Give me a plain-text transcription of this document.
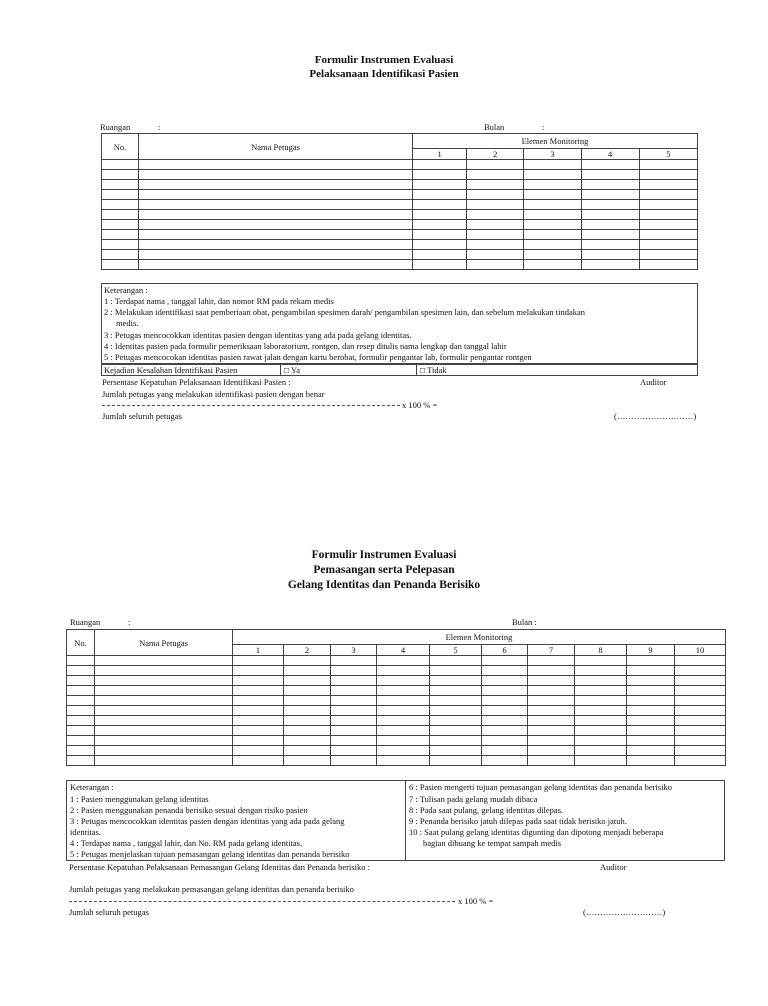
Formulir Instrumen Evaluasi
Pelaksanaan Identifikasi Pasien
Ruangan	:	Bulan	:
No.	Nama Petugas	Elemen Monitoring				
		1	2	3	4	5

Keterangan :
1 : Terdapat nama , tanggal lahir, dan nomor RM pada rekam medis
2 : Melakukan identifikasi saat pemberiaan obat, pengambilan spesimen darah/ pengambilan spesimen lain, dan sebelum melakukan tindakan
medis.
3 : Petugas mencocokkan identitas pasien dengan identitas yang ada pada gelang identitas.
4 : Identitas pasien pada formulir pemeriksaan laboratorium, rontgen, dan resep ditulis nama lengkap dan tanggal lahir
5 : Petugas mencocokan identitas pasien rawat jalan dengan kartu berobat, formulir pengantar lab, formulir pengantar rontgen
Kejadian Kesalahan Identifikasi Pasien	□ Ya	□ Tidak
Persentase Kepatuhan Pelaksanaan Identifikasi Pasien :	Auditor
Jumlah petugas yang melakukan identifikasi pasien dengan benar
x 100 % =
Jumlah seluruh petugas	(………………………)
Formulir Instrumen Evaluasi
Pemasangan serta Pelepasan
Gelang Identitas dan Penanda Berisiko
Ruangan	:	Bulan :
No.	Nama Petugas	Elemen Monitoring									
		1	2	3	4	5	6	7	8	9	10

Keterangan :
1 : Pasien menggunakan gelang identitas
2 : Pasien menggunakan penanda berisiko sesuai dengan risiko pasien
3 : Petugas mencocokkan identitas pasien dengan identitas yang ada pada gelang
identitas.
4 : Terdapat nama , tanggal lahir, dan No. RM pada gelang identitas.
5 : Petugas menjelaskan tujuan pemasangan gelang identitas dan penanda berisiko
6 : Pasien mengerti tujuan pemasangan gelang identitas dan penanda berisiko
7 : Tulisan pada gelang mudah dibaca
8 : Pada saat pulang, gelang identitas dilepas.
9 : Penanda berisiko jatuh dilepas pada saat tidak berisiko jatuh.
10 : Saat pulang gelang identitas digunting dan dipotong menjadi beberapa
bagian dibuang ke tempat sampah medis
Persentase Kepatuhan Pelaksanaan Pemasangan Gelang Identitas dan Penanda berisiko :	Auditor
Jumlah petugas yang melakukan pemasangan gelang identitas dan penanda berisiko
x 100 % =
Jumlah seluruh petugas	(………………………)
